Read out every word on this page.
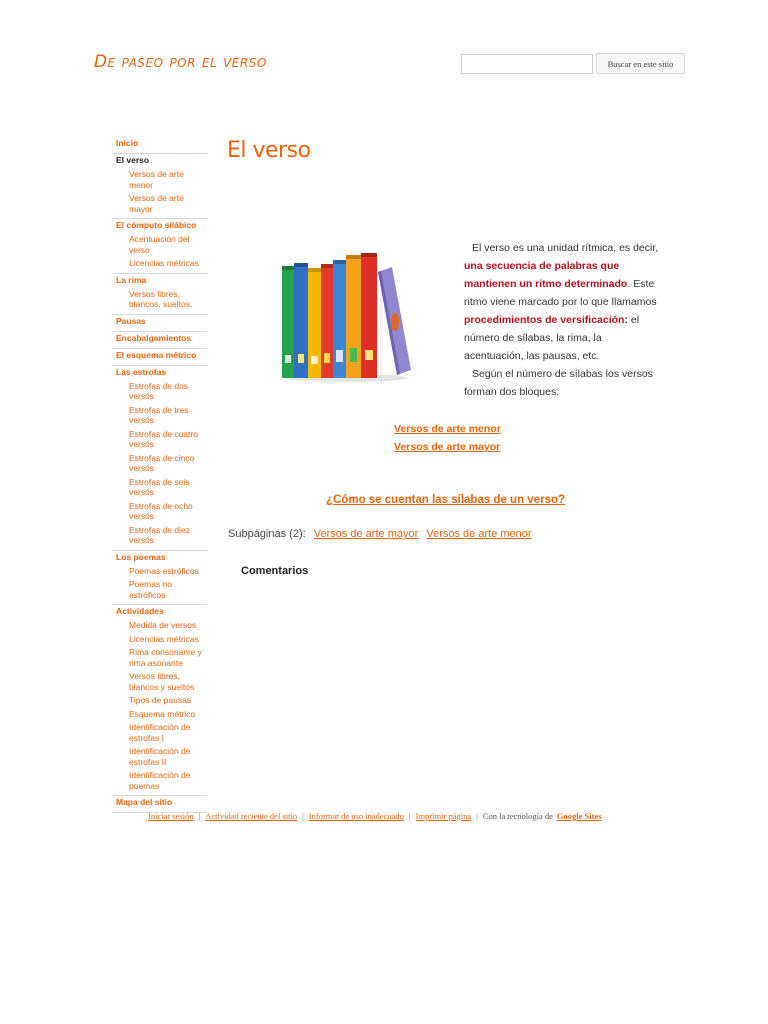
De paseo por el verso	Buscar en este sitio
Inicio
El verso
Versos de arte menor
Versos de arte mayor
El cómputo silábico
Acentuación del verso
Licencias métricas
La rima
Versos libres, blancos, sueltos.
Pausas
Encabalgamientos
El esquema métrico
Las estrofas
Estrofas de dos versos
Estrofas de tres versos
Estrofas de cuatro versos
Estrofas de cinco versos
Estrofas de seis versos
Estrofas de ocho versos
Estrofas de diez versos
Los poemas
Poemas estróficos
Poemas no estróficos
Actividades
Medida de versos
Licencias métricas
Rima consonante y rima asonante
Versos libres, blancos y sueltos
Tipos de pausas
Esquema métrico
Identificación de estrofas I
Identificación de estrofas II
Identificación de poemas
Mapa del sitio
El verso

El verso es una unidad rítmica, es decir, una secuencia de palabras que mantienen un ritmo determinado. Este ritmo viene marcado por lo que llamamos procedimientos de versificación: el número de sílabas, la rima, la acentuación, las pausas, etc.

Según el número de sílabas los versos forman dos bloques:

Versos de arte menor
Versos de arte mayor
¿Cómo se cuentan las sílabas de un verso?
Subpáginas (2): Versos de arte mayor Versos de arte menor
Comentarios
Iniciar sesión | Actividad reciente del sitio | Informar de uso inadecuado | Imprimir página | Con la tecnología de Google Sites
